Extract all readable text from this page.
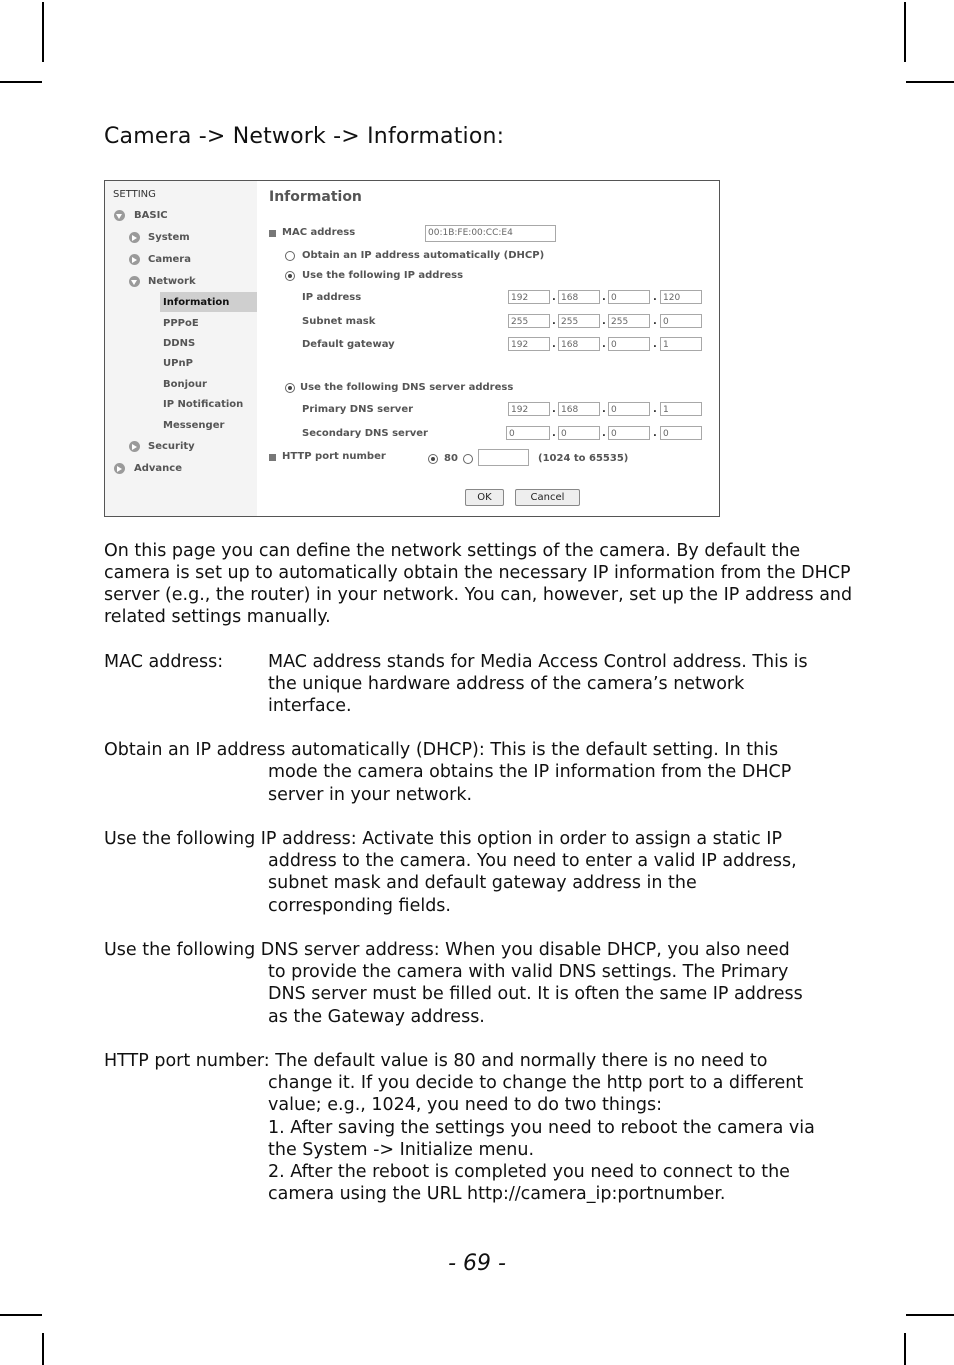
Camera -> Network -> Information:
SETTING
BASIC
System
Camera
Network
Information
PPPoE
DDNS
UPnP
Bonjour
IP Notification
Messenger
Security
Advance
Information
MAC address	00:1B:FE:00:CC:E4
Obtain an IP address automatically (DHCP)
Use the following IP address
IP address	192	. 168	. 0	. 120
Subnet mask	255	. 255	. 255	. 0
Default gateway	192	. 168	. 0	. 1
Use the following DNS server address
Primary DNS server	192	. 168	. 0	. 1
Secondary DNS server	0	. 0	. 0	. 0
HTTP port number	80	(1024 to 65535)
OK	Cancel
On this page you can define the network settings of the camera. By default the camera is set up to automatically obtain the necessary IP information from the DHCP server (e.g., the router) in your network. You can, however, set up the IP address and related settings manually.
MAC address:	MAC address stands for Media Access Control address. This is
the unique hardware address of the camera’s network
interface.
Obtain an IP address automatically (DHCP): This is the default setting. In this
mode the camera obtains the IP information from the DHCP
server in your network.
Use the following IP address: Activate this option in order to assign a static IP
address to the camera. You need to enter a valid IP address,
subnet mask and default gateway address in the
corresponding fields.
Use the following DNS server address: When you disable DHCP, you also need
to provide the camera with valid DNS settings. The Primary
DNS server must be filled out. It is often the same IP address
as the Gateway address.
HTTP port number: The default value is 80 and normally there is no need to
change it. If you decide to change the http port to a different
value; e.g., 1024, you need to do two things:
1. After saving the settings you need to reboot the camera via
the System -> Initialize menu.
2. After the reboot is completed you need to connect to the
camera using the URL http://camera_ip:portnumber.
- 69 -
